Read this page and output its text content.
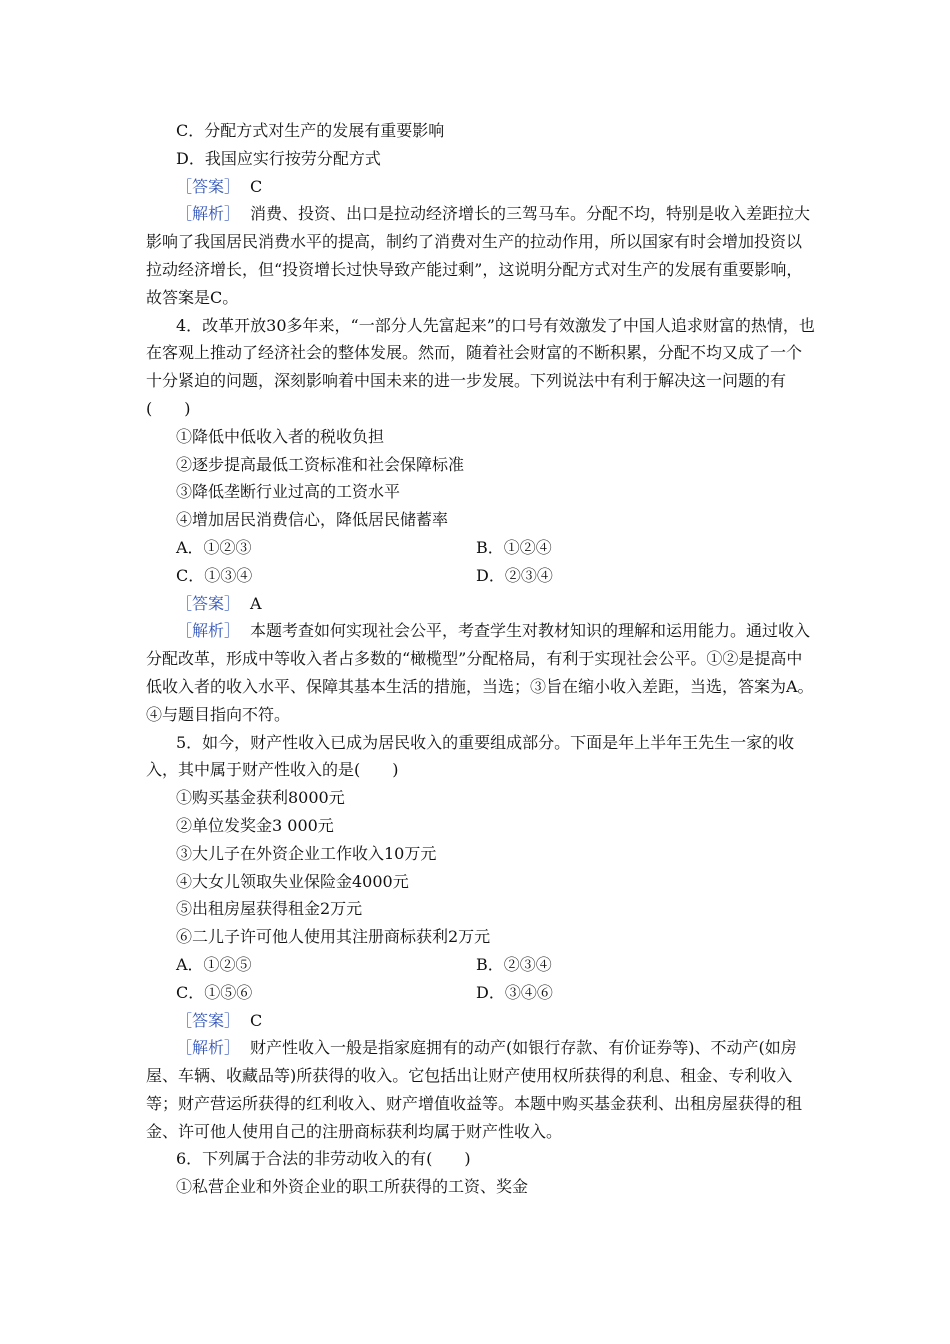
C．分配方式对生产的发展有重要影响

D．我国应实行按劳分配方式

［答案］ C

［解析］ 消费、投资、出口是拉动经济增长的三驾马车。分配不均，特别是收入差距拉大影响了我国居民消费水平的提高，制约了消费对生产的拉动作用，所以国家有时会增加投资以拉动经济增长，但“投资增长过快导致产能过剩”，这说明分配方式对生产的发展有重要影响，故答案是C。

4．改革开放30多年来，“一部分人先富起来”的口号有效激发了中国人追求财富的热情，也在客观上推动了经济社会的整体发展。然而，随着社会财富的不断积累，分配不均又成了一个十分紧迫的问题，深刻影响着中国未来的进一步发展。下列说法中有利于解决这一问题的有(　　)

①降低中低收入者的税收负担

②逐步提高最低工资标准和社会保障标准

③降低垄断行业过高的工资水平

④增加居民消费信心，降低居民储蓄率

A．①②③	B．①②④
C．①③④	D．②③④

［答案］ A

［解析］ 本题考查如何实现社会公平，考查学生对教材知识的理解和运用能力。通过收入分配改革，形成中等收入者占多数的“橄榄型”分配格局，有利于实现社会公平。①②是提高中低收入者的收入水平、保障其基本生活的措施，当选；③旨在缩小收入差距，当选，答案为A。④与题目指向不符。

5．如今，财产性收入已成为居民收入的重要组成部分。下面是年上半年王先生一家的收入，其中属于财产性收入的是(　　)

①购买基金获利8000元

②单位发奖金3 000元

③大儿子在外资企业工作收入10万元

④大女儿领取失业保险金4000元

⑤出租房屋获得租金2万元

⑥二儿子许可他人使用其注册商标获利2万元

A．①②⑤	B．②③④
C．①⑤⑥	D．③④⑥

［答案］ C

［解析］ 财产性收入一般是指家庭拥有的动产(如银行存款、有价证券等)、不动产(如房屋、车辆、收藏品等)所获得的收入。它包括出让财产使用权所获得的利息、租金、专利收入等；财产营运所获得的红利收入、财产增值收益等。本题中购买基金获利、出租房屋获得的租金、许可他人使用自己的注册商标获利均属于财产性收入。

6．下列属于合法的非劳动收入的有(　　)

①私营企业和外资企业的职工所获得的工资、奖金
